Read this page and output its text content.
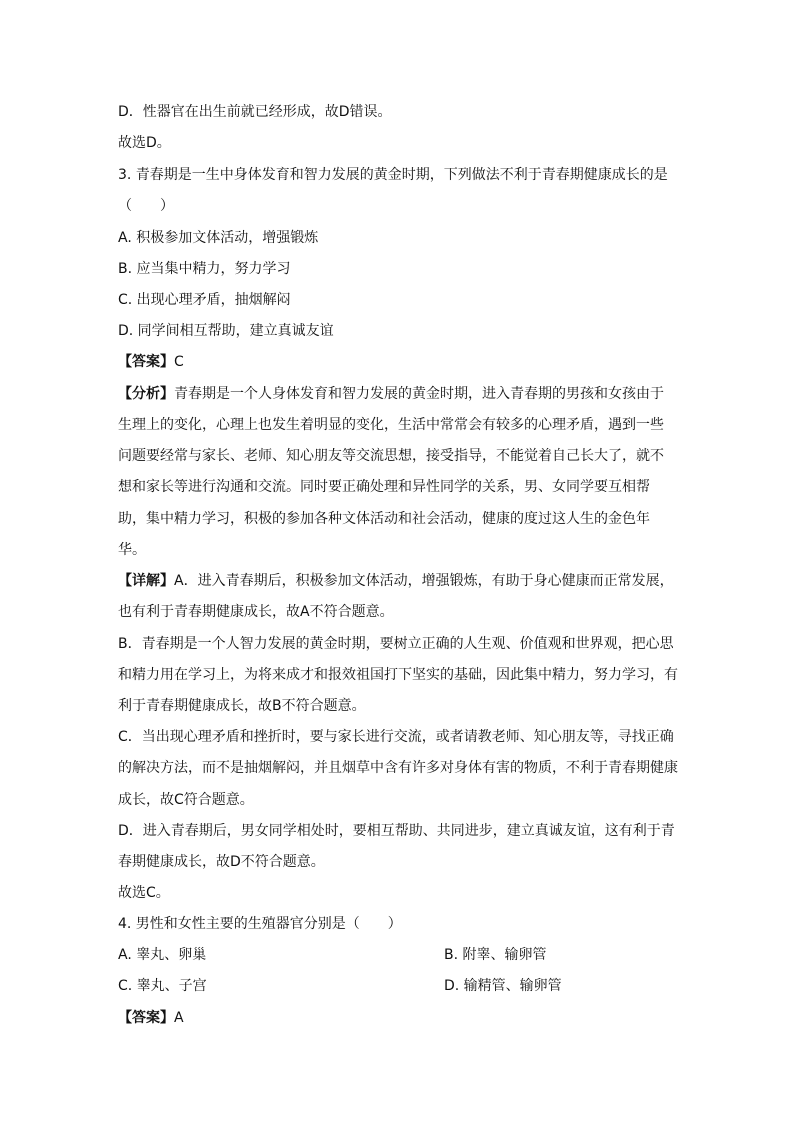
D．性器官在出生前就已经形成，故D错误。
故选D。
3. 青春期是一生中身体发育和智力发展的黄金时期，下列做法不利于青春期健康成长的是
（　　）
A. 积极参加文体活动，增强锻炼
B. 应当集中精力，努力学习
C. 出现心理矛盾，抽烟解闷
D. 同学间相互帮助，建立真诚友谊
【答案】C
【分析】青春期是一个人身体发育和智力发展的黄金时期，进入青春期的男孩和女孩由于
生理上的变化，心理上也发生着明显的变化，生活中常常会有较多的心理矛盾，遇到一些
问题要经常与家长、老师、知心朋友等交流思想，接受指导，不能觉着自己长大了，就不
想和家长等进行沟通和交流。同时要正确处理和异性同学的关系，男、女同学要互相帮
助，集中精力学习，积极的参加各种文体活动和社会活动，健康的度过这人生的金色年
华。
【详解】A．进入青春期后，积极参加文体活动，增强锻炼，有助于身心健康而正常发展，
也有利于青春期健康成长，故A不符合题意。
B．青春期是一个人智力发展的黄金时期，要树立正确的人生观、价值观和世界观，把心思
和精力用在学习上，为将来成才和报效祖国打下坚实的基础，因此集中精力，努力学习，有
利于青春期健康成长，故B不符合题意。
C．当出现心理矛盾和挫折时，要与家长进行交流，或者请教老师、知心朋友等，寻找正确
的解决方法，而不是抽烟解闷，并且烟草中含有许多对身体有害的物质，不利于青春期健康
成长，故C符合题意。
D．进入青春期后，男女同学相处时，要相互帮助、共同进步，建立真诚友谊，这有利于青
春期健康成长，故D不符合题意。
故选C。
4. 男性和女性主要的生殖器官分别是（　　）
A. 睾丸、卵巢	B. 附睾、输卵管
C. 睾丸、子宫	D. 输精管、输卵管
【答案】A
